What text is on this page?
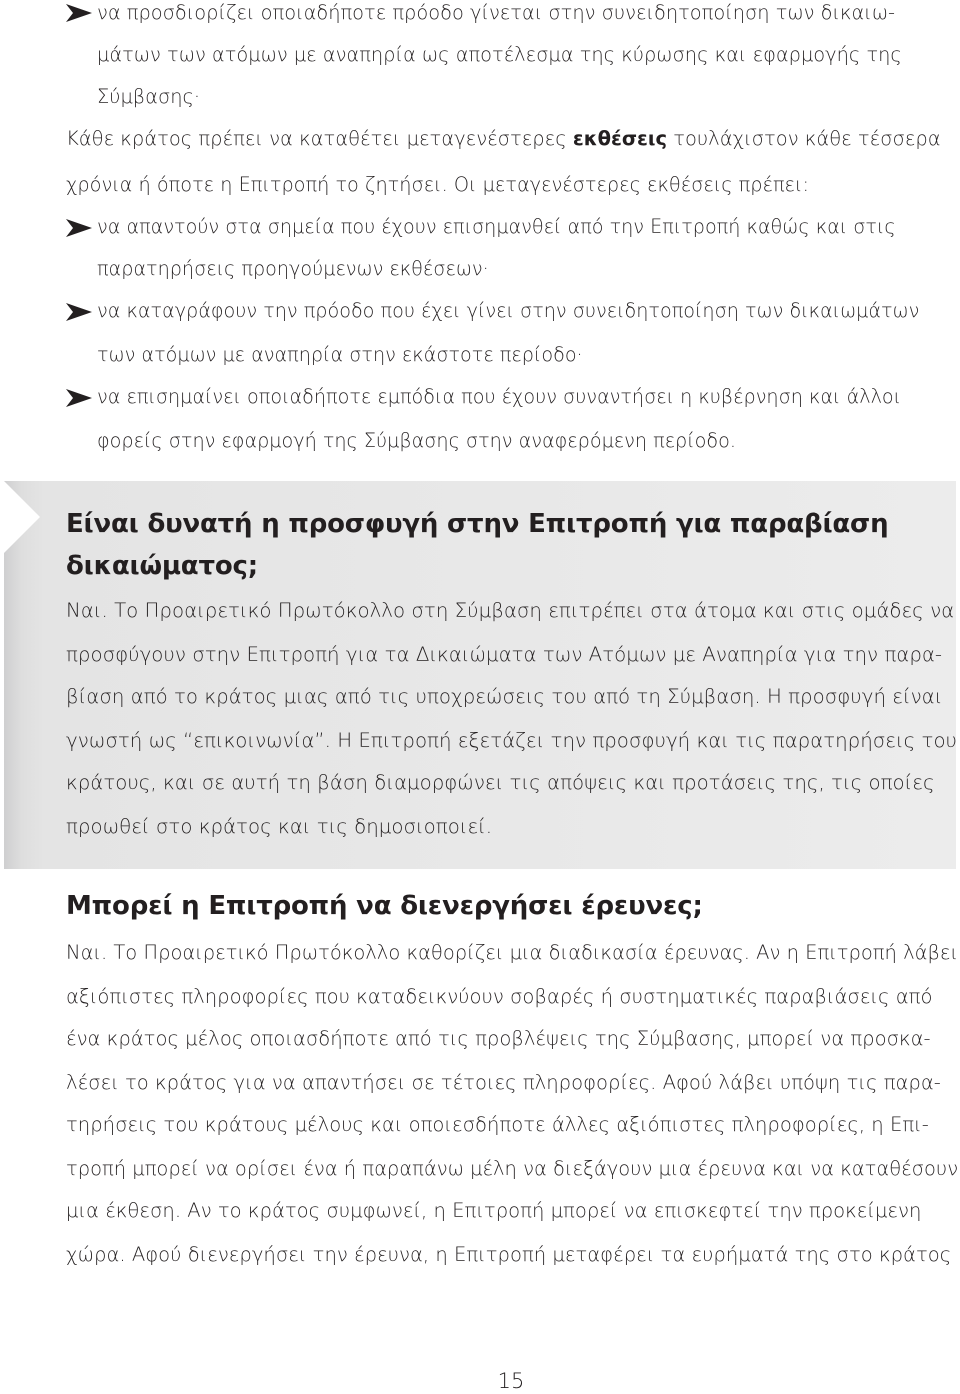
να προσδιορίζει οποιαδήποτε πρόοδο γίνεται στην συνειδητοποίηση των δικαιω-
μάτων των ατόμων με αναπηρία ως αποτέλεσμα της κύρωσης και εφαρμογής της
Σύμβασης·
Κάθε κράτος πρέπει να καταθέτει μεταγενέστερες εκθέσεις τουλάχιστον κάθε τέσσερα
χρόνια ή όποτε η Επιτροπή το ζητήσει. Οι μεταγενέστερες εκθέσεις πρέπει:
να απαντούν στα σημεία που έχουν επισημανθεί από την Επιτροπή καθώς και στις
παρατηρήσεις προηγούμενων εκθέσεων·
να καταγράφουν την πρόοδο που έχει γίνει στην συνειδητοποίηση των δικαιωμάτων
των ατόμων με αναπηρία στην εκάστοτε περίοδο·
να επισημαίνει οποιαδήποτε εμπόδια που έχουν συναντήσει η κυβέρνηση και άλλοι
φορείς στην εφαρμογή της Σύμβασης στην αναφερόμενη περίοδο.
Είναι δυνατή η προσφυγή στην Επιτροπή για παραβίαση
δικαιώματος;
Ναι. Το Προαιρετικό Πρωτόκολλο στη Σύμβαση επιτρέπει στα άτομα και στις ομάδες να
προσφύγουν στην Επιτροπή για τα Δικαιώματα των Ατόμων με Αναπηρία για την παρα-
βίαση από το κράτος μιας από τις υποχρεώσεις του από τη Σύμβαση. Η προσφυγή είναι
γνωστή ως “επικοινωνία”. Η Επιτροπή εξετάζει την προσφυγή και τις παρατηρήσεις του
κράτους, και σε αυτή τη βάση διαμορφώνει τις απόψεις και προτάσεις της, τις οποίες
προωθεί στο κράτος και τις δημοσιοποιεί.
Μπορεί η Επιτροπή να διενεργήσει έρευνες;
Ναι. Το Προαιρετικό Πρωτόκολλο καθορίζει μια διαδικασία έρευνας. Αν η Επιτροπή λάβει
αξιόπιστες πληροφορίες που καταδεικνύουν σοβαρές ή συστηματικές παραβιάσεις από
ένα κράτος μέλος οποιασδήποτε από τις προβλέψεις της Σύμβασης, μπορεί να προσκα-
λέσει το κράτος για να απαντήσει σε τέτοιες πληροφορίες. Αφού λάβει υπόψη τις παρα-
τηρήσεις του κράτους μέλους και οποιεσδήποτε άλλες αξιόπιστες πληροφορίες, η Επι-
τροπή μπορεί να ορίσει ένα ή παραπάνω μέλη να διεξάγουν μια έρευνα και να καταθέσουν
μια έκθεση. Αν το κράτος συμφωνεί, η Επιτροπή μπορεί να επισκεφτεί την προκείμενη
χώρα. Αφού διενεργήσει την έρευνα, η Επιτροπή μεταφέρει τα ευρήματά της στο κράτος
15
